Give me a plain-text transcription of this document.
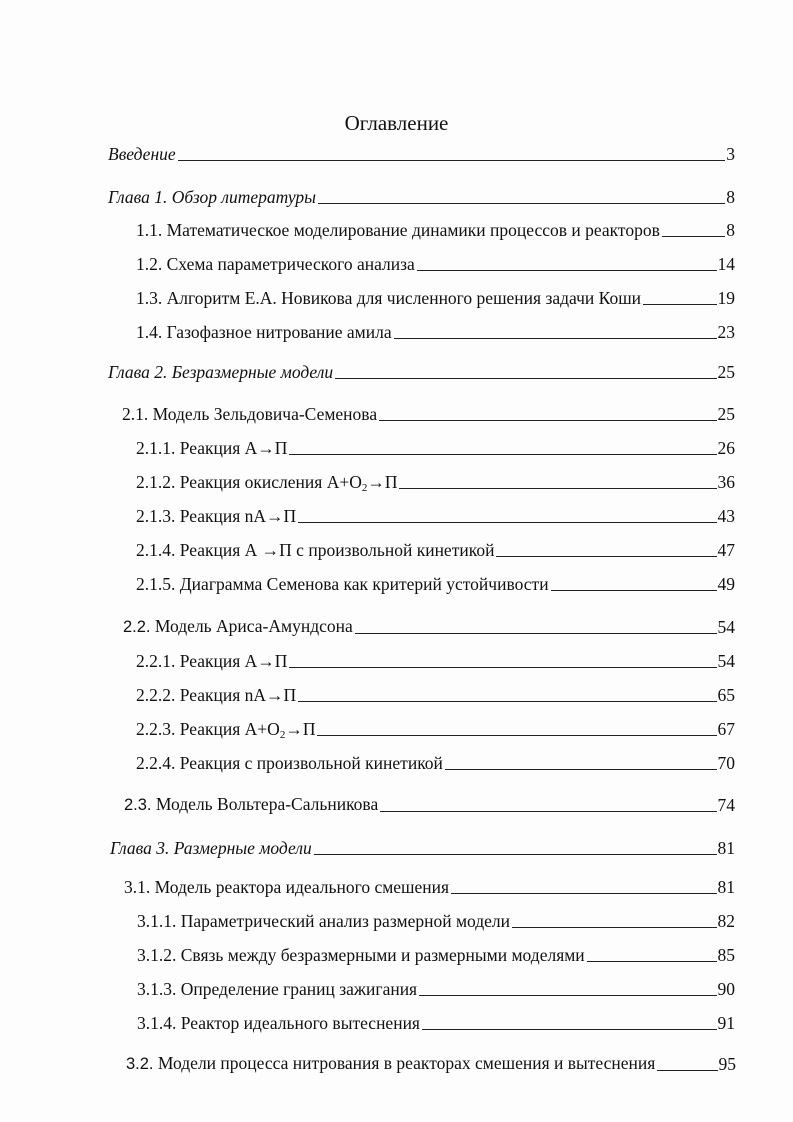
Оглавление
Введение	3
Глава 1. Обзор литературы	8
1.1. Математическое моделирование динамики процессов и реакторов	8
1.2. Схема параметрического анализа	14
1.3. Алгоритм Е.А. Новикова для численного решения задачи Коши	19
1.4. Газофазное нитрование амила	23
Глава 2. Безразмерные модели	25
2.1. Модель Зельдовича-Семенова	25
2.1.1. Реакция А→П	26
2.1.2. Реакция окисления $А+O_2\to П$	36
2.1.3. Реакция nA→П	43
2.1.4. Реакция А →П с произвольной кинетикой	47
2.1.5. Диаграмма Семенова как критерий устойчивости	49
2.2. Модель Ариса-Амундсона	54
2.2.1. Реакция А→П	54
2.2.2. Реакция nA→П	65
2.2.3. Реакция $А+O_2\to П$	67
2.2.4. Реакция с произвольной кинетикой	70
2.3. Модель Вольтера-Сальникова	74
Глава 3. Размерные модели	81
3.1. Модель реактора идеального смешения	81
3.1.1. Параметрический анализ размерной модели	82
3.1.2. Связь между безразмерными и размерными моделями	85
3.1.3. Определение границ зажигания	90
3.1.4. Реактор идеального вытеснения	91
3.2. Модели процесса нитрования в реакторах смешения и вытеснения	95
